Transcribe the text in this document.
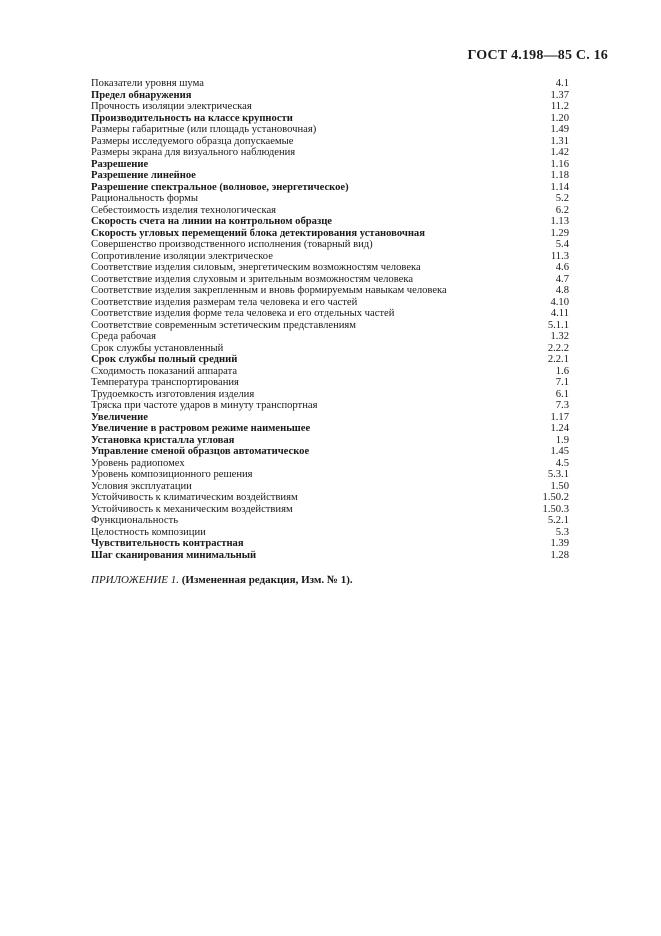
ГОСТ 4.198—85 С. 16
Показатели уровня шума	4.1
Предел обнаружения	1.37
Прочность изоляции электрическая	11.2
Производительность на классе крупности	1.20
Размеры габаритные (или площадь установочная)	1.49
Размеры исследуемого образца допускаемые	1.31
Размеры экрана для визуального наблюдения	1.42
Разрешение	1.16
Разрешение линейное	1.18
Разрешение спектральное (волновое, энергетическое)	1.14
Рациональность формы	5.2
Себестоимость изделия технологическая	6.2
Скорость счета на линии на контрольном образце	1.13
Скорость угловых перемещений блока детектирования установочная	1.29
Совершенство производственного исполнения (товарный вид)	5.4
Сопротивление изоляции электрическое	11.3
Соответствие изделия силовым, энергетическим возможностям человека	4.6
Соответствие изделия слуховым и зрительным возможностям человека	4.7
Соответствие изделия закрепленным и вновь формируемым навыкам человека	4.8
Соответствие изделия размерам тела человека и его частей	4.10
Соответствие изделия форме тела человека и его отдельных частей	4.11
Соответствие современным эстетическим представлениям	5.1.1
Среда рабочая	1.32
Срок службы установленный	2.2.2
Срок службы полный средний	2.2.1
Сходимость показаний аппарата	1.6
Температура транспортирования	7.1
Трудоемкость изготовления изделия	6.1
Тряска при частоте ударов в минуту транспортная	7.3
Увеличение	1.17
Увеличение в растровом режиме наименьшее	1.24
Установка кристалла угловая	1.9
Управление сменой образцов автоматическое	1.45
Уровень радиопомех	4.5
Уровень композиционного решения	5.3.1
Условия эксплуатации	1.50
Устойчивость к климатическим воздействиям	1.50.2
Устойчивость к механическим воздействиям	1.50.3
Функциональность	5.2.1
Целостность композиции	5.3
Чувствительность контрастная	1.39
Шаг сканирования минимальный	1.28
ПРИЛОЖЕНИЕ 1. (Измененная редакция, Изм. № 1).
